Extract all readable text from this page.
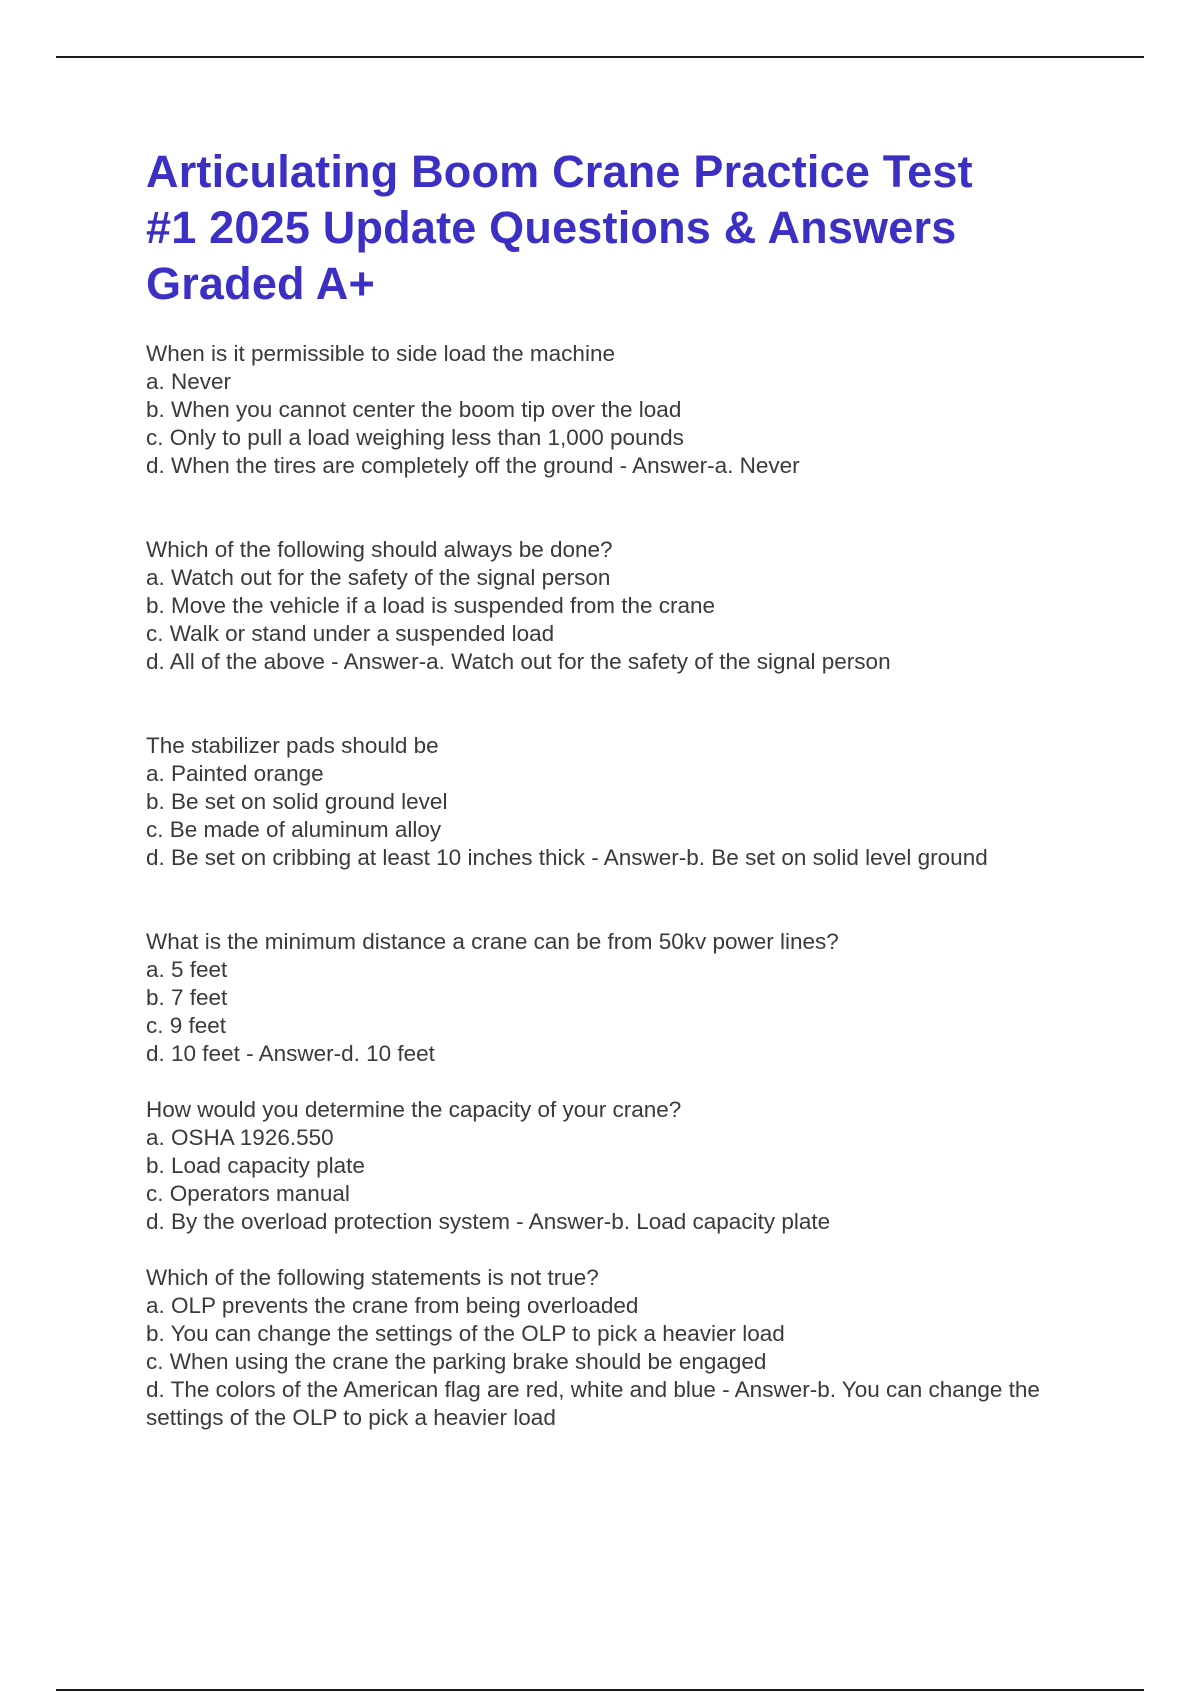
Articulating Boom Crane Practice Test
#1 2025 Update Questions & Answers
Graded A+
When is it permissible to side load the machine
a. Never
b. When you cannot center the boom tip over the load
c. Only to pull a load weighing less than 1,000 pounds
d. When the tires are completely off the ground - Answer-a. Never
Which of the following should always be done?
a. Watch out for the safety of the signal person
b. Move the vehicle if a load is suspended from the crane
c. Walk or stand under a suspended load
d. All of the above - Answer-a. Watch out for the safety of the signal person
The stabilizer pads should be
a. Painted orange
b. Be set on solid ground level
c. Be made of aluminum alloy
d. Be set on cribbing at least 10 inches thick - Answer-b. Be set on solid level ground
What is the minimum distance a crane can be from 50kv power lines?
a. 5 feet
b. 7 feet
c. 9 feet
d. 10 feet - Answer-d. 10 feet
How would you determine the capacity of your crane?
a. OSHA 1926.550
b. Load capacity plate
c. Operators manual
d. By the overload protection system - Answer-b. Load capacity plate
Which of the following statements is not true?
a. OLP prevents the crane from being overloaded
b. You can change the settings of the OLP to pick a heavier load
c. When using the crane the parking brake should be engaged
d. The colors of the American flag are red, white and blue - Answer-b. You can change the settings of the OLP to pick a heavier load
